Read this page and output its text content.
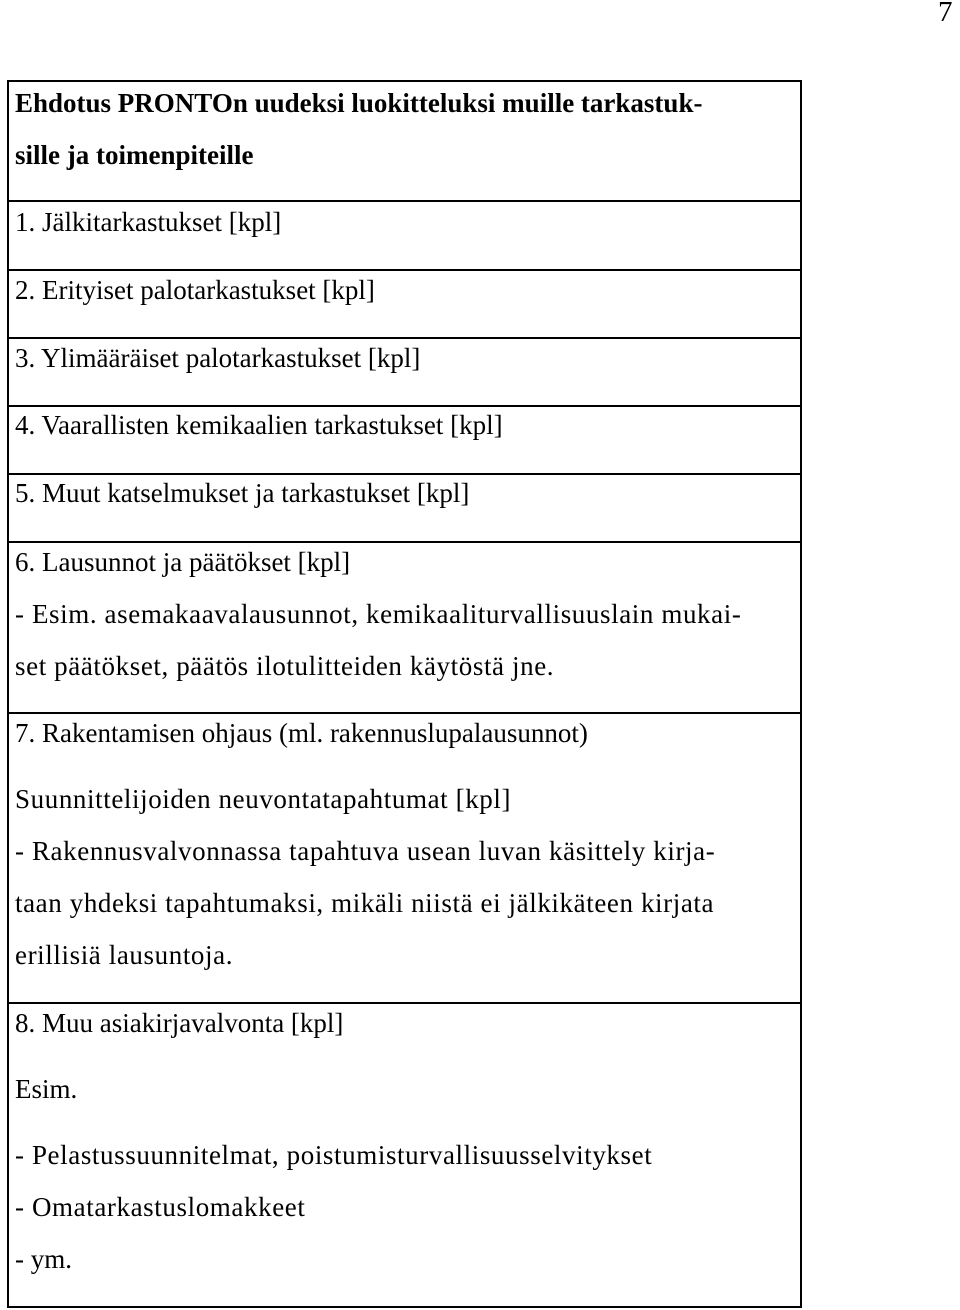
7
Ehdotus PRONTOn uudeksi luokitteluksi muille tarkastuk-
sille ja toimenpiteille
1. Jälkitarkastukset [kpl]
2. Erityiset palotarkastukset [kpl]
3. Ylimääräiset palotarkastukset [kpl]
4. Vaarallisten kemikaalien tarkastukset [kpl]
5. Muut katselmukset ja tarkastukset [kpl]
6. Lausunnot ja päätökset [kpl]
- Esim. asemakaavalausunnot, kemikaaliturvallisuuslain mukai-
set päätökset, päätös ilotulitteiden käytöstä jne.
7. Rakentamisen ohjaus (ml. rakennuslupalausunnot)
Suunnittelijoiden neuvontatapahtumat [kpl]
- Rakennusvalvonnassa tapahtuva usean luvan käsittely kirja-
taan yhdeksi tapahtumaksi, mikäli niistä ei jälkikäteen kirjata
erillisiä lausuntoja.
8. Muu asiakirjavalvonta [kpl]
Esim.
- Pelastussuunnitelmat, poistumisturvallisuusselvitykset
- Omatarkastuslomakkeet
- ym.
